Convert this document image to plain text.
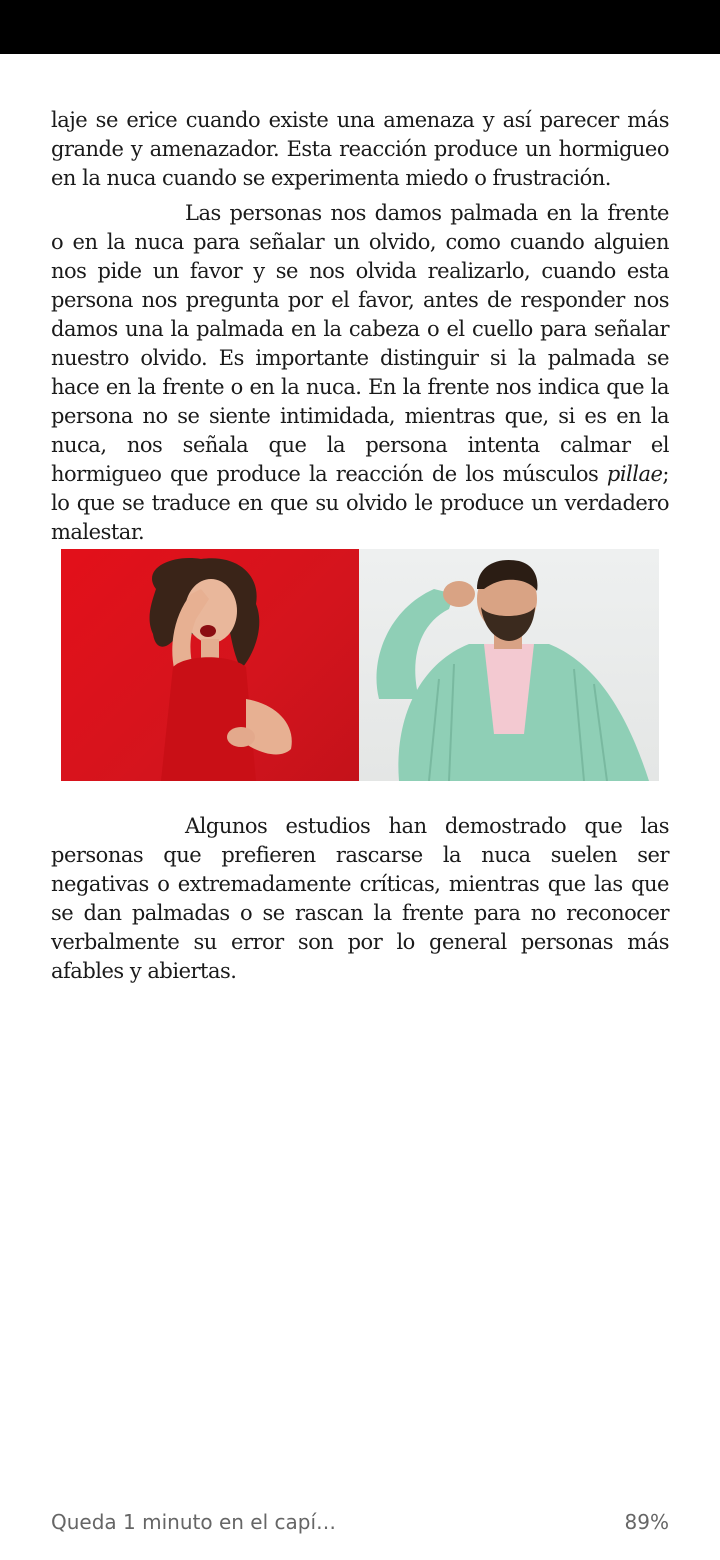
laje se erice cuando existe una amenaza y así parecer más grande y amenazador. Esta reacción produce un hormigueo en la nuca cuando se experimenta miedo o frustración.

Las personas nos damos palmada en la frente o en la nuca para señalar un olvido, como cuando alguien nos pide un favor y se nos olvida realizarlo, cuando esta persona nos pregunta por el favor, antes de responder nos damos una la palmada en la cabeza o el cuello para señalar nuestro olvido. Es importante distinguir si la palmada se hace en la frente o en la nuca. En la frente nos indica que la persona no se siente intimidada, mientras que, si es en la nuca, nos señala que la persona intenta calmar el hormigueo que produce la reacción de los músculos pillae; lo que se traduce en que su olvido le produce un verdadero malestar.

Algunos estudios han demostrado que las personas que prefieren rascarse la nuca suelen ser negativas o extremadamente críticas, mientras que las que se dan palmadas o se rascan la frente para no reconocer verbalmente su error son por lo general personas más afables y abiertas.

Queda 1 minuto en el capí…	89%
